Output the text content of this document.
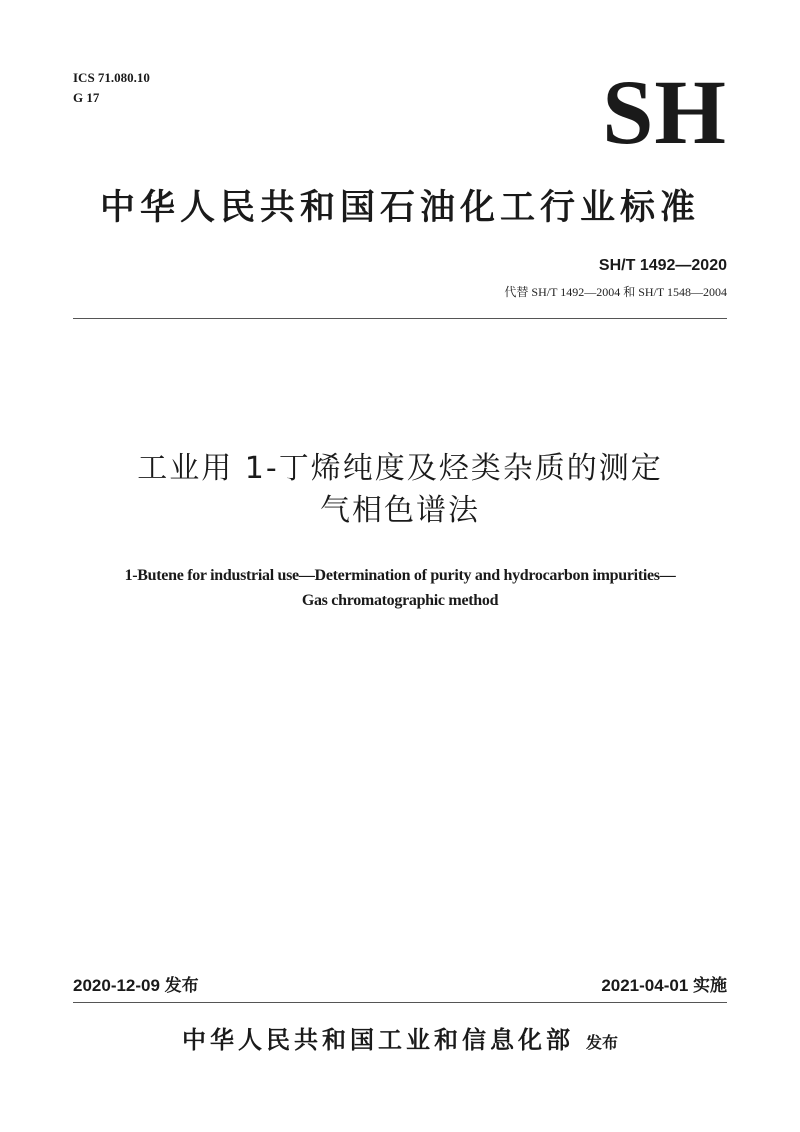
ICS 71.080.10
G 17	SH
中华人民共和国石油化工行业标准
SH/T 1492—2020
代替 SH/T 1492—2004 和 SH/T 1548—2004
工业用 1-丁烯纯度及烃类杂质的测定
气相色谱法
1-Butene for industrial use—Determination of purity and hydrocarbon impurities—
Gas chromatographic method
2020-12-09 发布	2021-04-01 实施
中华人民共和国工业和信息化部 发布
